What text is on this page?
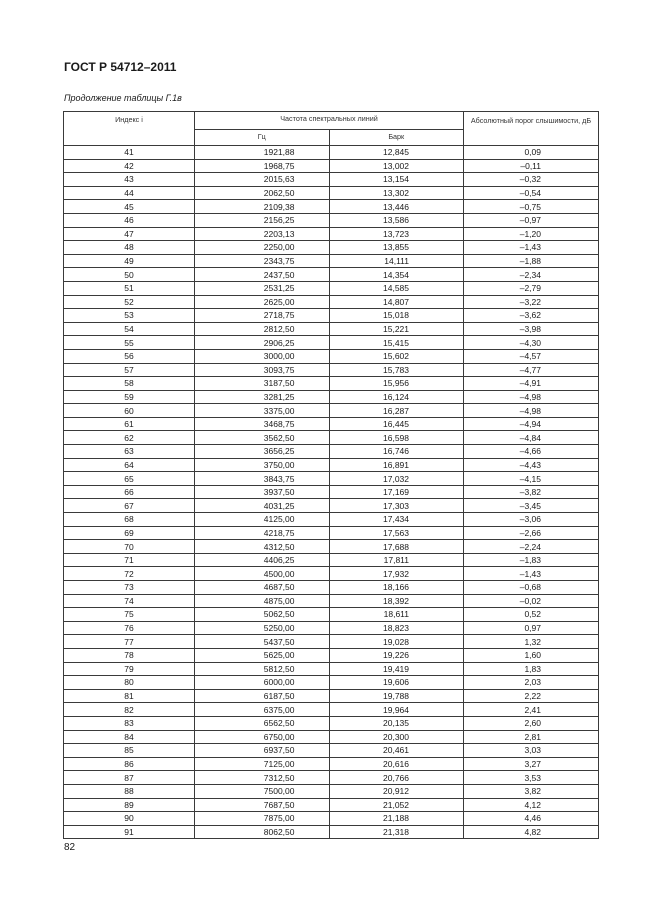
ГОСТ Р 54712–2011
Продолжение таблицы Г.1в
Индекс i	Частота спектральных линий		Абсолютный порог слышимости, дБ
	Гц	Барк	
41	1921,88	12,845	0,09
42	1968,75	13,002	–0,11
43	2015,63	13,154	–0,32
44	2062,50	13,302	–0,54
45	2109,38	13,446	–0,75
46	2156,25	13,586	–0,97
47	2203,13	13,723	–1,20
48	2250,00	13,855	–1,43
49	2343,75	14,111	–1,88
50	2437,50	14,354	–2,34
51	2531,25	14,585	–2,79
52	2625,00	14,807	–3,22
53	2718,75	15,018	–3,62
54	2812,50	15,221	–3,98
55	2906,25	15,415	–4,30
56	3000,00	15,602	–4,57
57	3093,75	15,783	–4,77
58	3187,50	15,956	–4,91
59	3281,25	16,124	–4,98
60	3375,00	16,287	–4,98
61	3468,75	16,445	–4,94
62	3562,50	16,598	–4,84
63	3656,25	16,746	–4,66
64	3750,00	16,891	–4,43
65	3843,75	17,032	–4,15
66	3937,50	17,169	–3,82
67	4031,25	17,303	–3,45
68	4125,00	17,434	–3,06
69	4218,75	17,563	–2,66
70	4312,50	17,688	–2,24
71	4406,25	17,811	–1,83
72	4500,00	17,932	–1,43
73	4687,50	18,166	–0,68
74	4875,00	18,392	–0,02
75	5062,50	18,611	0,52
76	5250,00	18,823	0,97
77	5437,50	19,028	1,32
78	5625,00	19,226	1,60
79	5812,50	19,419	1,83
80	6000,00	19,606	2,03
81	6187,50	19,788	2,22
82	6375,00	19,964	2,41
83	6562,50	20,135	2,60
84	6750,00	20,300	2,81
85	6937,50	20,461	3,03
86	7125,00	20,616	3,27
87	7312,50	20,766	3,53
88	7500,00	20,912	3,82
89	7687,50	21,052	4,12
90	7875,00	21,188	4,46
91	8062,50	21,318	4,82
82
